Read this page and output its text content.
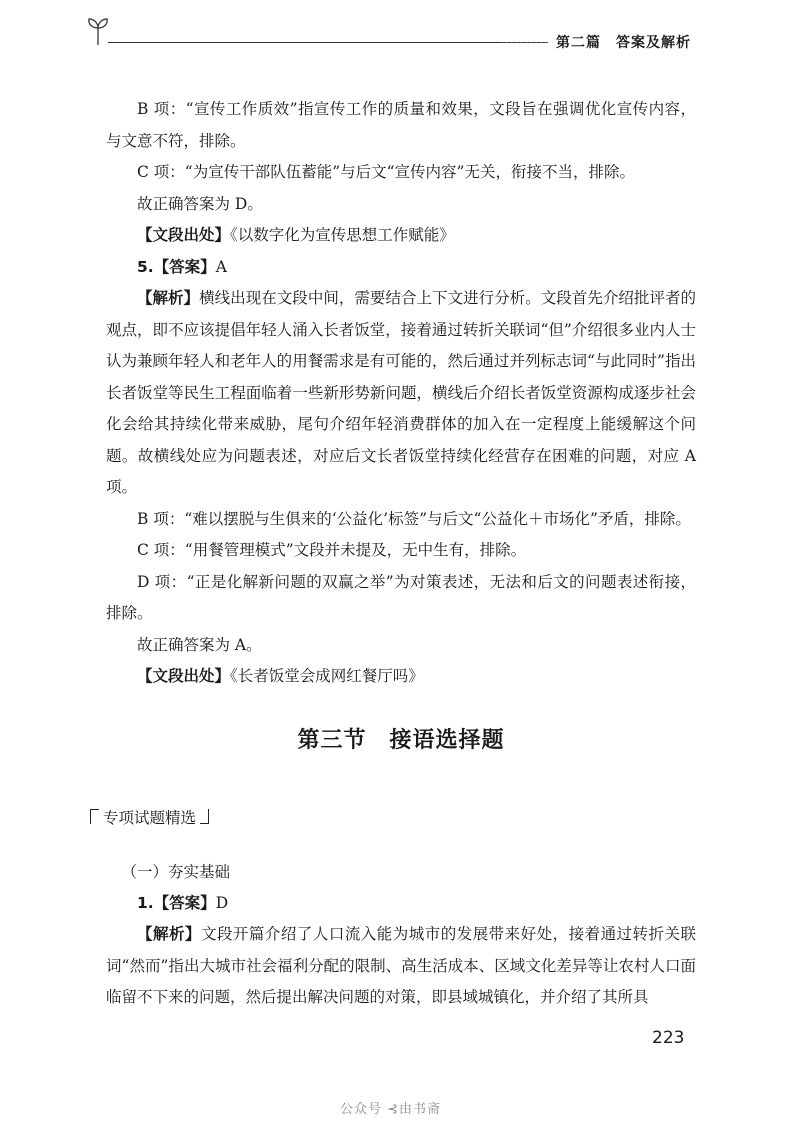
第二篇　答案及解析

B 项：“宣传工作质效”指宣传工作的质量和效果，文段旨在强调优化宣传内容，与文意不符，排除。

C 项：“为宣传干部队伍蓄能”与后文“宣传内容”无关，衔接不当，排除。

故正确答案为 D。

【文段出处】《以数字化为宣传思想工作赋能》

5.【答案】A

【解析】横线出现在文段中间，需要结合上下文进行分析。文段首先介绍批评者的观点，即不应该提倡年轻人涌入长者饭堂，接着通过转折关联词“但”介绍很多业内人士认为兼顾年轻人和老年人的用餐需求是有可能的，然后通过并列标志词“与此同时”指出长者饭堂等民生工程面临着一些新形势新问题，横线后介绍长者饭堂资源构成逐步社会化会给其持续化带来威胁，尾句介绍年轻消费群体的加入在一定程度上能缓解这个问题。故横线处应为问题表述，对应后文长者饭堂持续化经营存在困难的问题，对应 A 项。

B 项：“难以摆脱与生俱来的‘公益化’标签”与后文“公益化＋市场化”矛盾，排除。

C 项：“用餐管理模式”文段并未提及，无中生有，排除。

D 项：“正是化解新问题的双赢之举”为对策表述，无法和后文的问题表述衔接，排除。

故正确答案为 A。

【文段出处】《长者饭堂会成网红餐厅吗》

第三节　接语选择题
专项试题精选
（一）夯实基础

1.【答案】D

【解析】文段开篇介绍了人口流入能为城市的发展带来好处，接着通过转折关联词“然而”指出大城市社会福利分配的限制、高生活成本、区域文化差异等让农村人口面临留不下来的问题，然后提出解决问题的对策，即县域城镇化，并介绍了其所具

223
公众号 ⊰由书斋
